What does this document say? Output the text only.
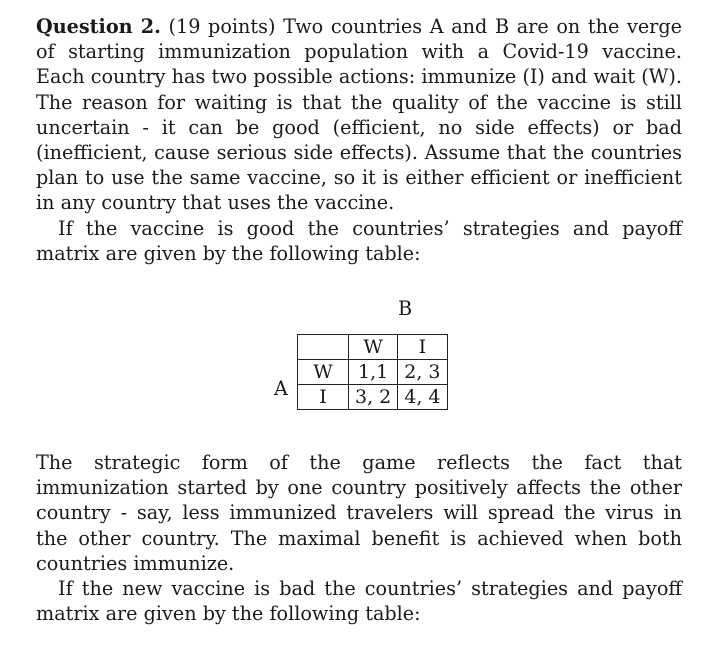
Question 2. (19 points) Two countries A and B are on the verge of starting immunization population with a Covid-19 vaccine. Each country has two possible actions: immunize (I) and wait (W). The reason for waiting is that the quality of the vaccine is still uncertain - it can be good (efficient, no side effects) or bad (inefficient, cause serious side effects). Assume that the countries plan to use the same vaccine, so it is either efficient or inefficient in any country that uses the vaccine.

If the vaccine is good the countries’ strategies and payoff matrix are given by the following table:

B
A
	W	I
W	1,1	2, 3
I	3, 2	4, 4

The strategic form of the game reflects the fact that immunization started by one country positively affects the other country - say, less immunized travelers will spread the virus in the other country. The maximal benefit is achieved when both countries immunize.

If the new vaccine is bad the countries’ strategies and payoff matrix are given by the following table:
